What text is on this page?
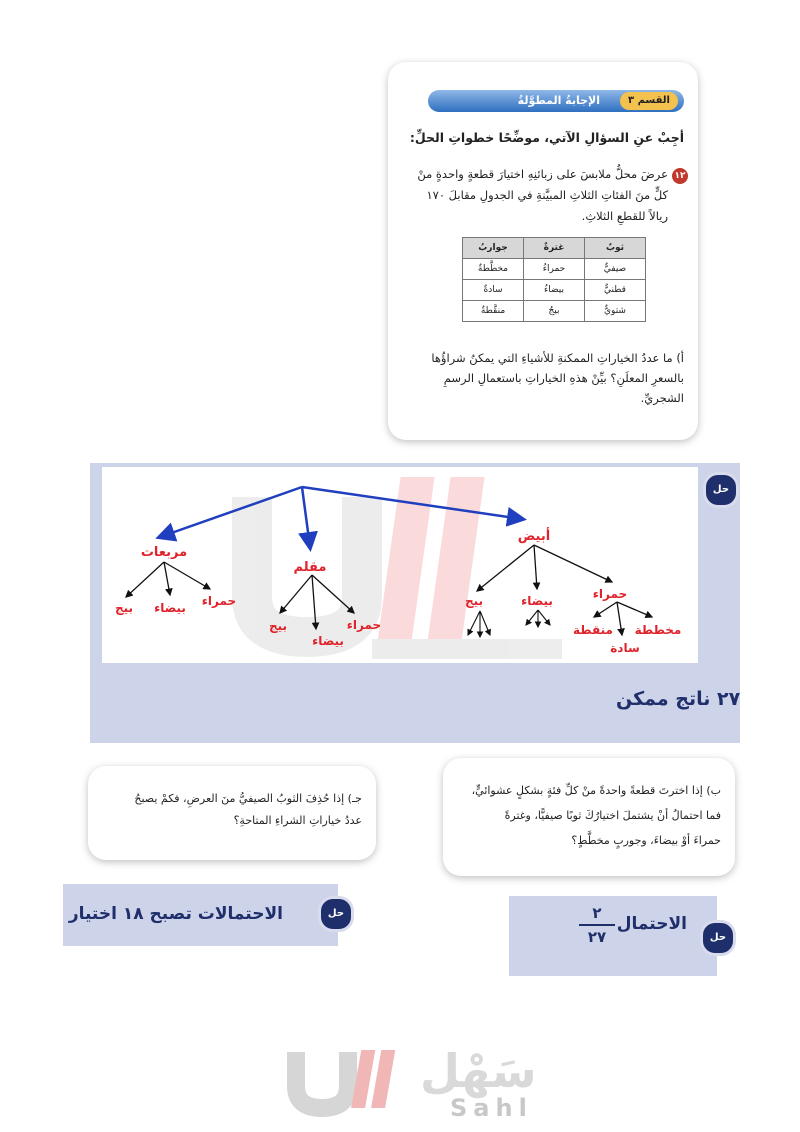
القسم ٣
الإجابةُ المطوَّلةُ
أجِبْ عنِ السؤالِ الآتي، موضِّحًا خطواتِ الحلِّ:
١٢
عرضَ محلُّ ملابسَ على زبائنِهِ اختيارَ قطعةٍ واحدةٍ منْ كلٍّ منَ الفئاتِ الثلاثِ المبيَّنةِ في الجدولِ مقابلَ ١٧٠ ريالاً للقطعِ الثلاثِ.
ثوبٌ	غترةٌ	جواربُ
صيفيٌّ	حمراءُ	مخطَّطةٌ
قطنيٌّ	بيضاءُ	سادةٌ
شتويٌّ	بيجُ	منقَّطةٌ
أ) ما عددُ الخياراتِ الممكنةِ للأشياءِ التي يمكنُ شراؤُها بالسعرِ المعلَنِ؟ بيِّنْ هذهِ الخياراتِ باستعمالِ الرسمِ الشجريِّ.
أبيض
مقلم
مربعات
حمراء
بيضاء
بيج
مخططة
منقطة
سادة
حمراء
بيضاء
بيج
حمراء
بيضاء
بيج
حل
٢٧ ناتج ممكن
جـ) إذا حُذِفَ الثوبُ الصيفيُّ منَ العرضِ، فكمْ يصبحُ
عددُ خياراتِ الشراءِ المتاحةِ؟
ب) إذا اخترتَ قطعةً واحدةً منْ كلِّ فئةٍ بشكلٍ عشوائيٍّ،
فما احتمالُ أنْ يشتملَ اختيارُكَ ثوبًا صيفيًّا، وغترةً
حمراءَ أوْ بيضاءَ، وجوربٍ مخطَّطٍ؟
الاحتمالات تصبح ١٨ اختيار	حل
الاحتمال
٢
٢٧	حل
سَهْل
Sahl
